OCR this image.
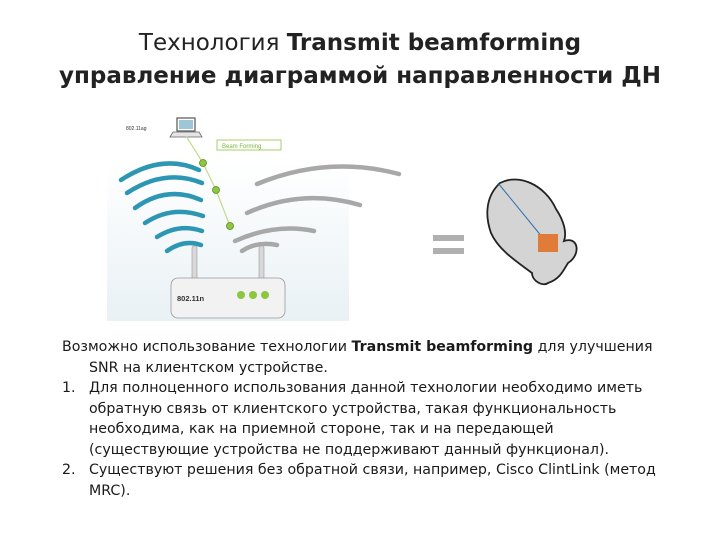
Технология Transmit beamforming
управление диаграммой направленности ДН
802.11ag
Beam Forming
802.11n

Возможно использование технологии Transmit beamforming для улучшения SNR на клиентском устройстве.

1. Для полноценного использования данной технологии необходимо иметь обратную связь от клиентского устройства, такая функциональность необходима, как на приемной стороне, так и на передающей (существующие устройства не поддерживают данный функционал).

2. Существуют решения без обратной связи, например, Cisco ClintLink (метод MRC).
